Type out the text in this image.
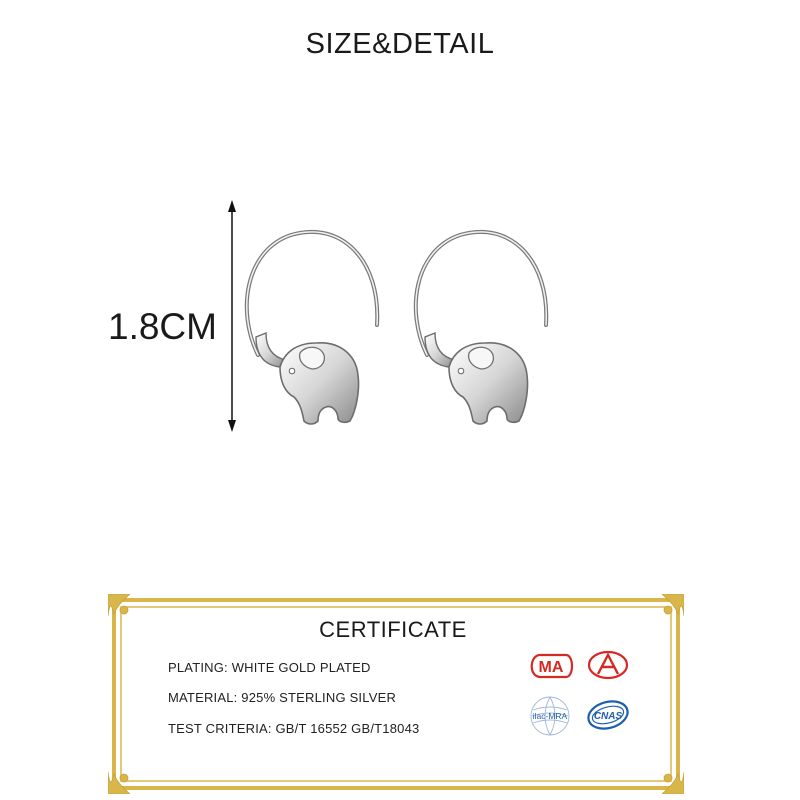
SIZE&DETAIL
1.8CM
CERTIFICATE
PLATING: WHITE GOLD PLATED
MATERIAL: 925% STERLING SILVER
TEST CRITERIA: GB/T 16552 GB/T18043
MA
ilac-MRA	CNAS
